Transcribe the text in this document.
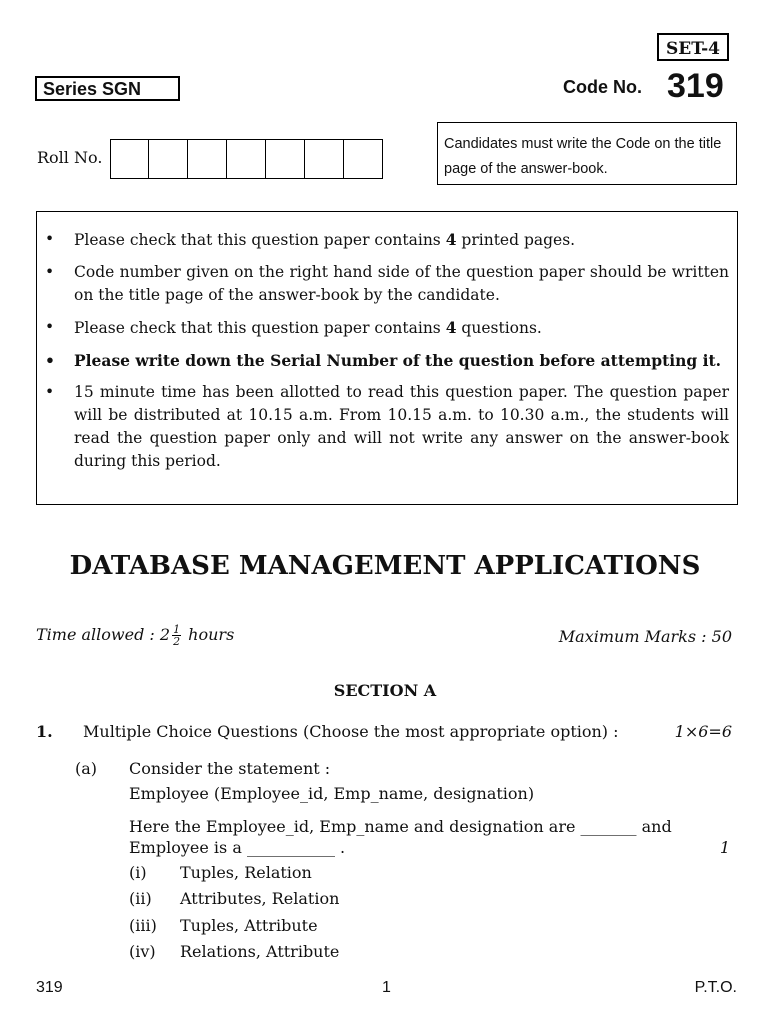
SET-4
Series SGN	Code No. 319
Roll No.
Candidates must write the Code on the title page of the answer-book.
• Please check that this question paper contains 4 printed pages.
• Code number given on the right hand side of the question paper should be written on the title page of the answer-book by the candidate.
• Please check that this question paper contains 4 questions.
• Please write down the Serial Number of the question before attempting it.
• 15 minute time has been allotted to read this question paper. The question paper will be distributed at 10.15 a.m. From 10.15 a.m. to 10.30 a.m., the students will read the question paper only and will not write any answer on the answer-book during this period.
DATABASE MANAGEMENT APPLICATIONS
Time allowed : $2 \frac{1}{2}$ hours	Maximum Marks : 50
SECTION A
1. Multiple Choice Questions (Choose the most appropriate option) :	1×6=6
(a) Consider the statement :
Employee (Employee_id, Emp_name, designation)
Here the Employee_id, Emp_name and designation are _______ and
Employee is a ___________ .	1
(i) Tuples, Relation
(ii) Attributes, Relation
(iii) Tuples, Attribute
(iv) Relations, Attribute
319	1	P.T.O.
